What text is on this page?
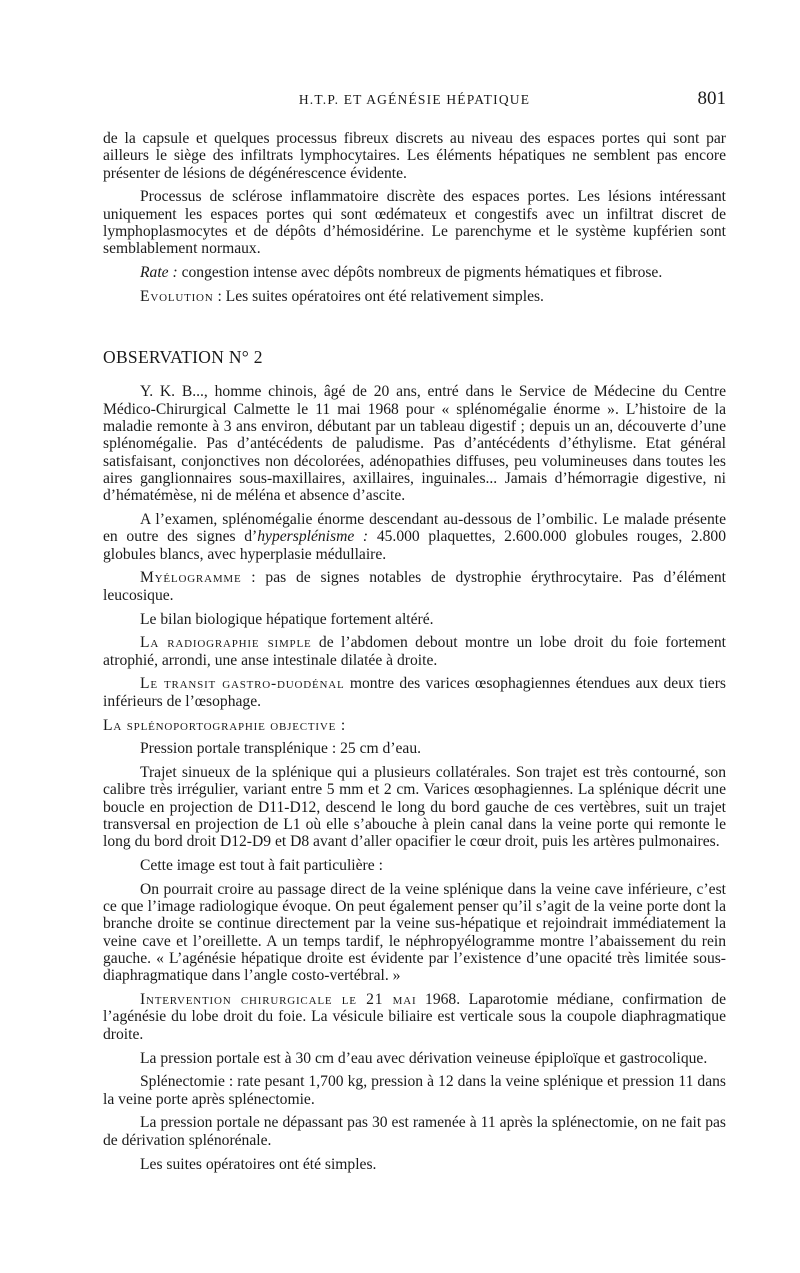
H.T.P. ET AGÉNÉSIE HÉPATIQUE	801

de la capsule et quelques processus fibreux discrets au niveau des espaces portes qui sont par ailleurs le siège des infiltrats lymphocytaires. Les éléments hépatiques ne semblent pas encore présenter de lésions de dégénérescence évidente.

Processus de sclérose inflammatoire discrète des espaces portes. Les lésions intéressant uniquement les espaces portes qui sont œdémateux et congestifs avec un infiltrat discret de lymphoplasmocytes et de dépôts d’hémosidérine. Le parenchyme et le système kupférien sont semblablement normaux.

Rate : congestion intense avec dépôts nombreux de pigments hématiques et fibrose.

Evolution : Les suites opératoires ont été relativement simples.

OBSERVATION N° 2

Y. K. B..., homme chinois, âgé de 20 ans, entré dans le Service de Médecine du Centre Médico-Chirurgical Calmette le 11 mai 1968 pour « splénomégalie énorme ». L’histoire de la maladie remonte à 3 ans environ, débutant par un tableau digestif ; depuis un an, découverte d’une splénomégalie. Pas d’antécédents de paludisme. Pas d’antécédents d’éthylisme. Etat général satisfaisant, conjonctives non décolorées, adénopathies diffuses, peu volumineuses dans toutes les aires ganglionnaires sous-maxillaires, axillaires, inguinales... Jamais d’hémorragie digestive, ni d’hématémèse, ni de méléna et absence d’ascite.

A l’examen, splénomégalie énorme descendant au-dessous de l’ombilic. Le malade présente en outre des signes d’hypersplénisme : 45.000 plaquettes, 2.600.000 globules rouges, 2.800 globules blancs, avec hyperplasie médullaire.

Myélogramme : pas de signes notables de dystrophie érythrocytaire. Pas d’élément leucosique.

Le bilan biologique hépatique fortement altéré.

La radiographie simple de l’abdomen debout montre un lobe droit du foie fortement atrophié, arrondi, une anse intestinale dilatée à droite.

Le transit gastro-duodénal montre des varices œsophagiennes étendues aux deux tiers inférieurs de l’œsophage.

La splénoportographie objective :

Pression portale transplénique : 25 cm d’eau.

Trajet sinueux de la splénique qui a plusieurs collatérales. Son trajet est très contourné, son calibre très irrégulier, variant entre 5 mm et 2 cm. Varices œsophagiennes. La splénique décrit une boucle en projection de D11-D12, descend le long du bord gauche de ces vertèbres, suit un trajet transversal en projection de L1 où elle s’abouche à plein canal dans la veine porte qui remonte le long du bord droit D12-D9 et D8 avant d’aller opacifier le cœur droit, puis les artères pulmonaires.

Cette image est tout à fait particulière :

On pourrait croire au passage direct de la veine splénique dans la veine cave inférieure, c’est ce que l’image radiologique évoque. On peut également penser qu’il s’agit de la veine porte dont la branche droite se continue directement par la veine sus-hépatique et rejoindrait immédiatement la veine cave et l’oreillette. A un temps tardif, le néphropyélogramme montre l’abaissement du rein gauche. « L’agénésie hépatique droite est évidente par l’existence d’une opacité très limitée sous-diaphragmatique dans l’angle costo-vertébral. »

Intervention chirurgicale le 21 mai 1968. Laparotomie médiane, confirmation de l’agénésie du lobe droit du foie. La vésicule biliaire est verticale sous la coupole diaphragmatique droite.

La pression portale est à 30 cm d’eau avec dérivation veineuse épiploïque et gastrocolique.

Splénectomie : rate pesant 1,700 kg, pression à 12 dans la veine splénique et pression 11 dans la veine porte après splénectomie.

La pression portale ne dépassant pas 30 est ramenée à 11 après la splénectomie, on ne fait pas de dérivation splénorénale.

Les suites opératoires ont été simples.
